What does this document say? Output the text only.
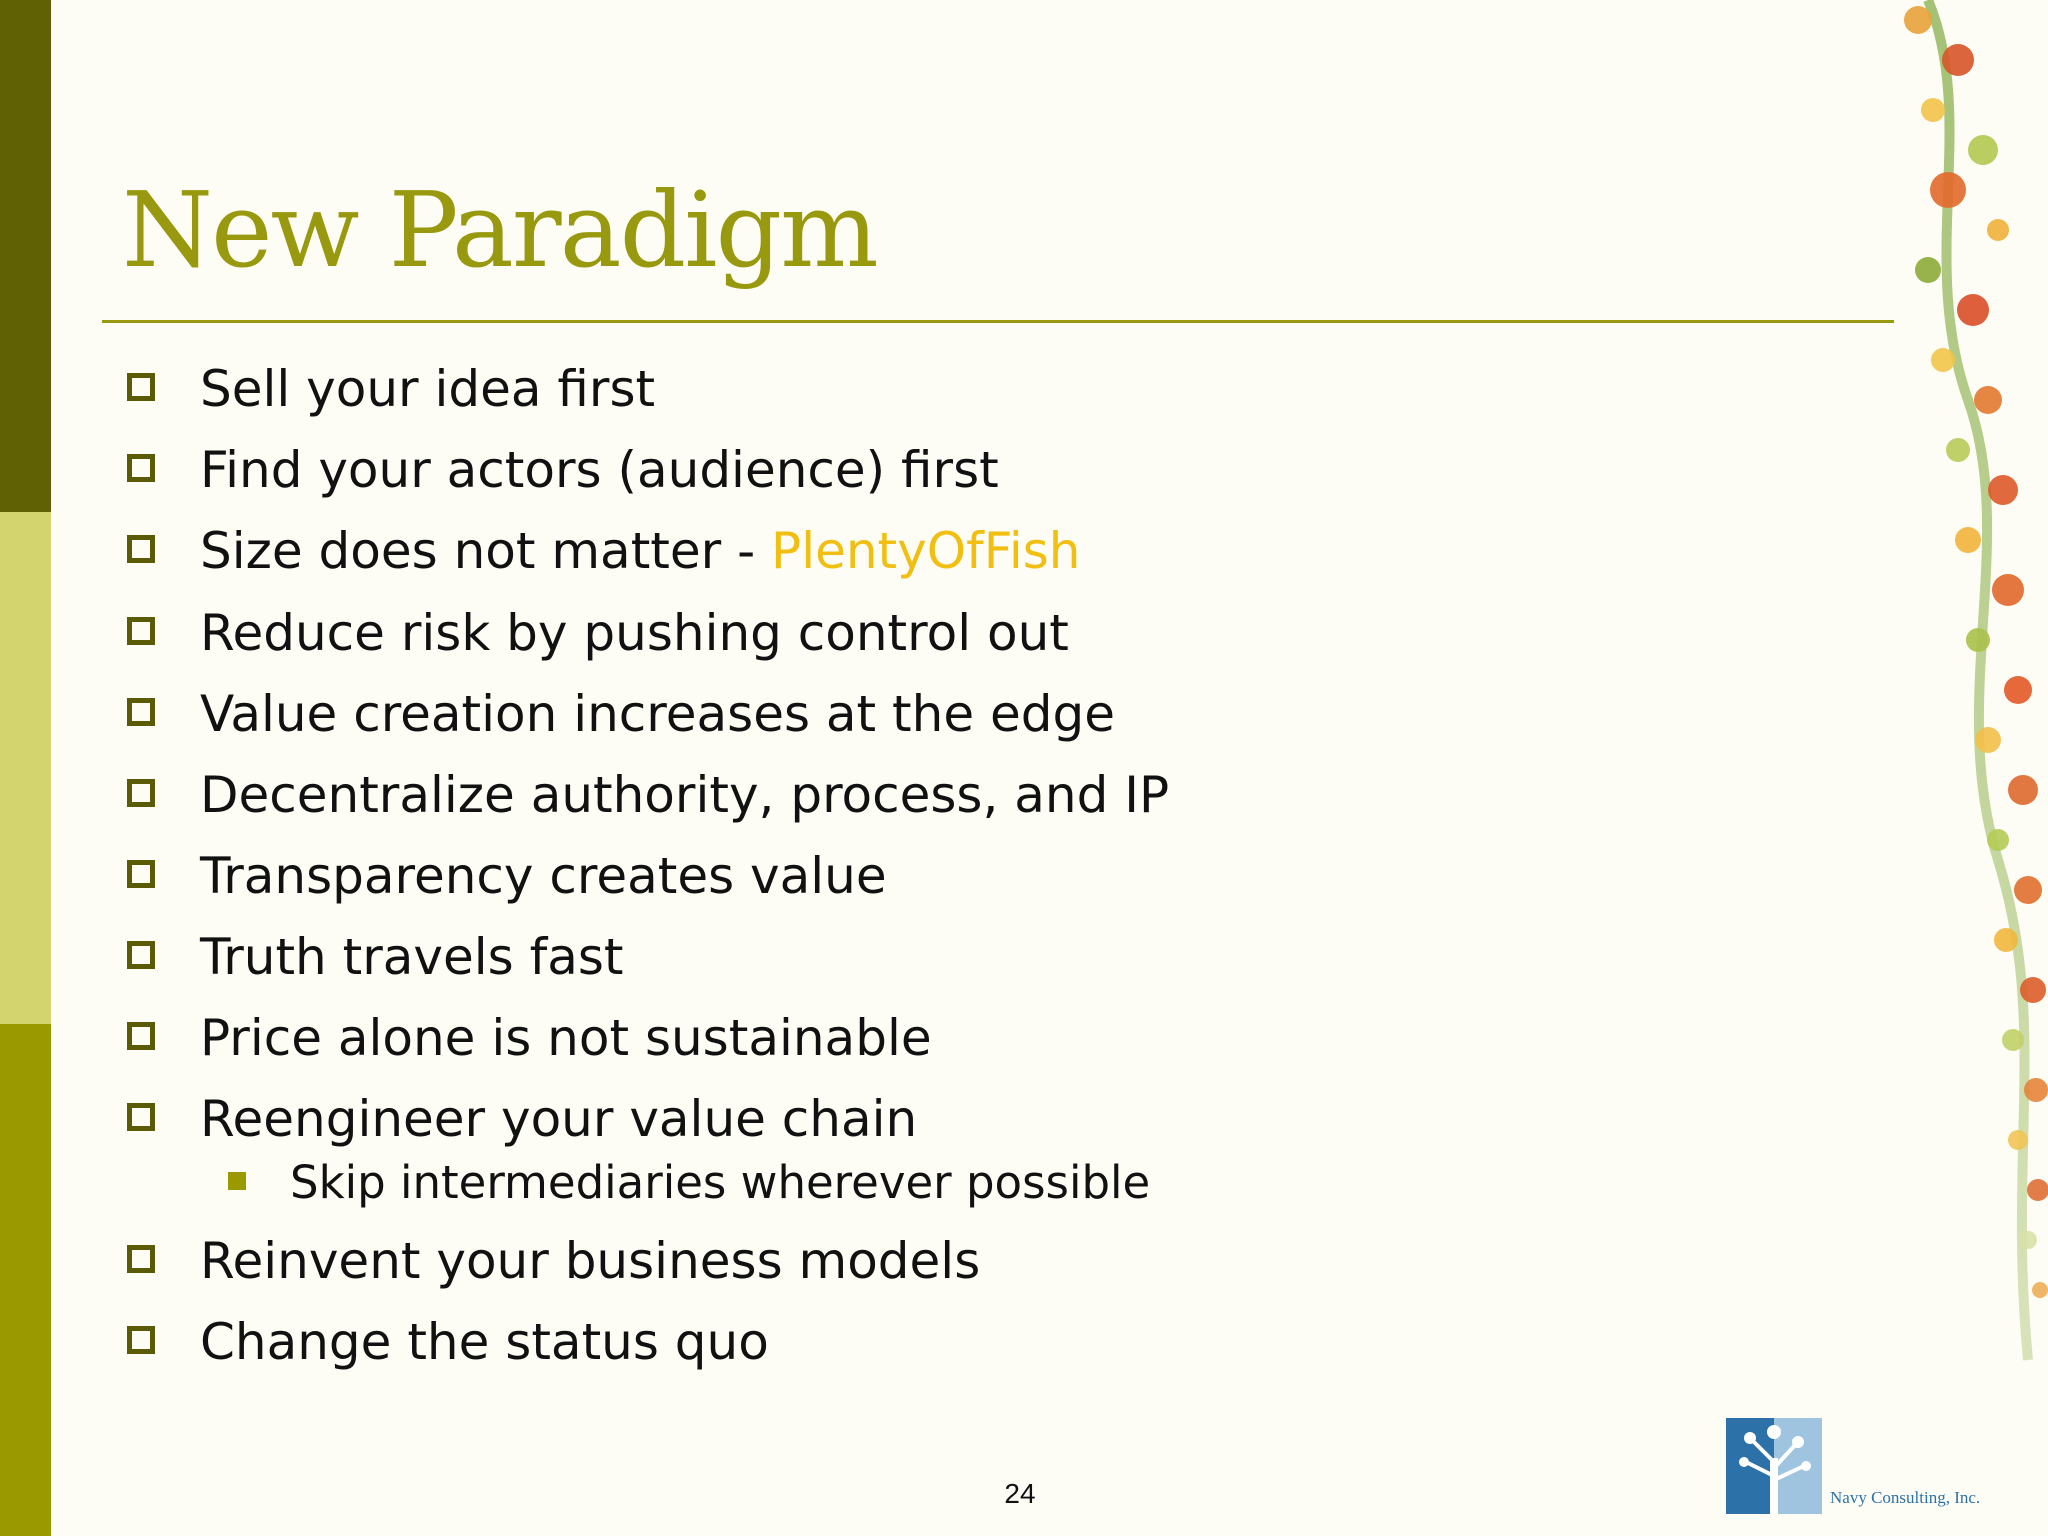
New Paradigm
Sell your idea first
Find your actors (audience) first
Size does not matter - PlentyOfFish
Reduce risk by pushing control out
Value creation increases at the edge
Decentralize authority, process, and IP
Transparency creates value
Truth travels fast
Price alone is not sustainable
Reengineer your value chain
Skip intermediaries wherever possible
Reinvent your business models
Change the status quo
24	Navy Consulting, Inc.
